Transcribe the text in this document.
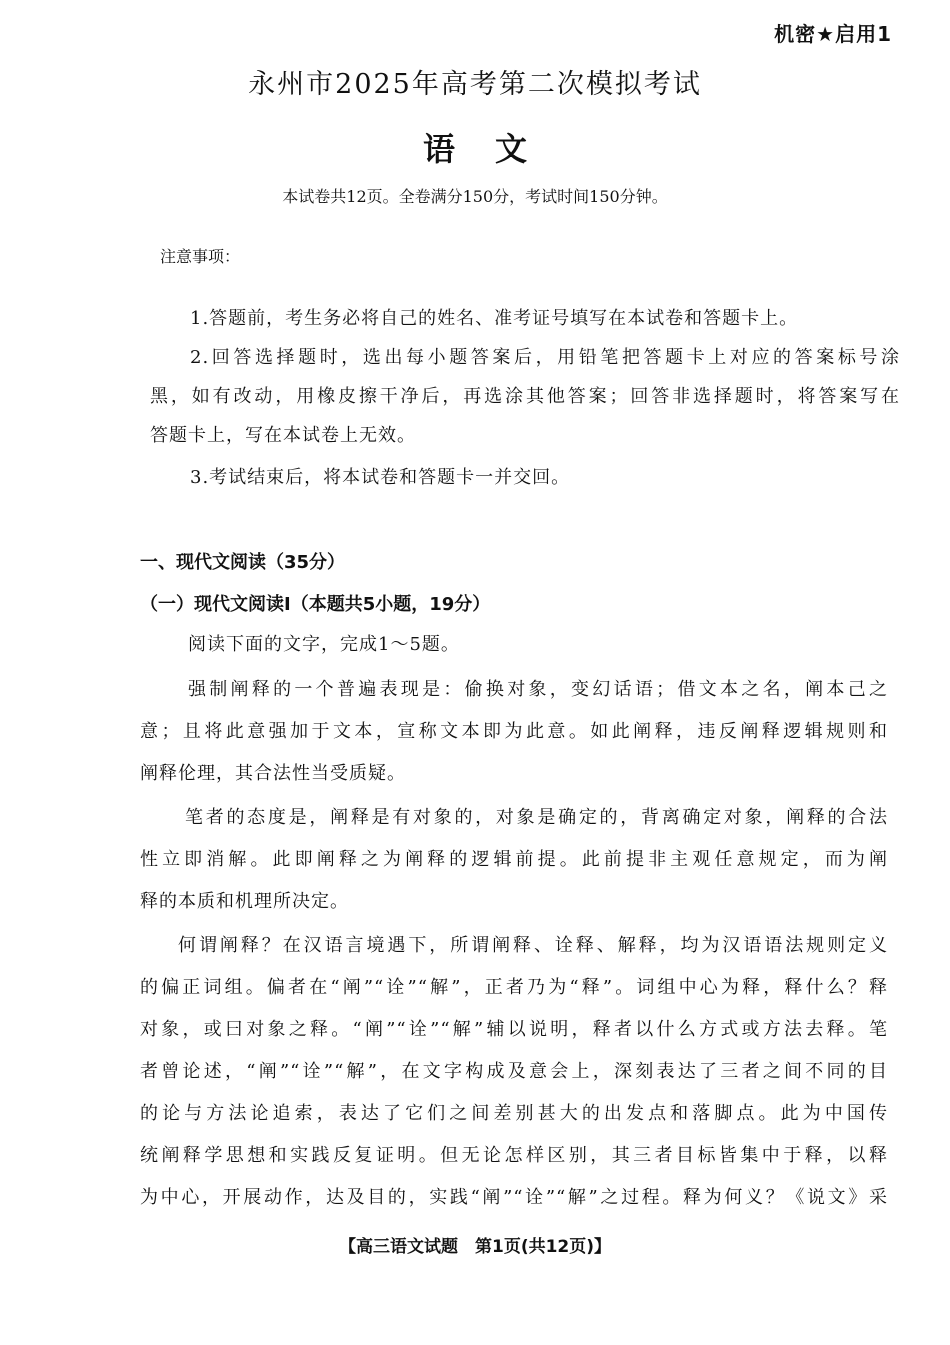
机密★启用1
永州市2025年高考第二次模拟考试
语文
本试卷共12页。全卷满分150分，考试时间150分钟。
注意事项：
1.答题前，考生务必将自己的姓名、准考证号填写在本试卷和答题卡上。
2.回答选择题时，选出每小题答案后，用铅笔把答题卡上对应的答案标号涂
黑，如有改动，用橡皮擦干净后，再选涂其他答案；回答非选择题时，将答案写在
答题卡上，写在本试卷上无效。
3.考试结束后，将本试卷和答题卡一并交回。
一、现代文阅读（35分）
（一）现代文阅读Ⅰ（本题共5小题，19分）
阅读下面的文字，完成1～5题。
强制阐释的一个普遍表现是：偷换对象，变幻话语；借文本之名，阐本己之
意；且将此意强加于文本，宣称文本即为此意。如此阐释，违反阐释逻辑规则和
阐释伦理，其合法性当受质疑。
笔者的态度是，阐释是有对象的，对象是确定的，背离确定对象，阐释的合法
性立即消解。此即阐释之为阐释的逻辑前提。此前提非主观任意规定，而为阐
释的本质和机理所决定。
何谓阐释？在汉语言境遇下，所谓阐释、诠释、解释，均为汉语语法规则定义
的偏正词组。偏者在“阐”“诠”“解”，正者乃为“释”。词组中心为释，释什么？释
对象，或曰对象之释。“阐”“诠”“解”辅以说明，释者以什么方式或方法去释。笔
者曾论述，“阐”“诠”“解”，在文字构成及意会上，深刻表达了三者之间不同的目
的论与方法论追索，表达了它们之间差别甚大的出发点和落脚点。此为中国传
统阐释学思想和实践反复证明。但无论怎样区别，其三者目标皆集中于释，以释
为中心，开展动作，达及目的，实践“阐”“诠”“解”之过程。释为何义？《说文》采
【高三语文试题　第1页(共12页)】
